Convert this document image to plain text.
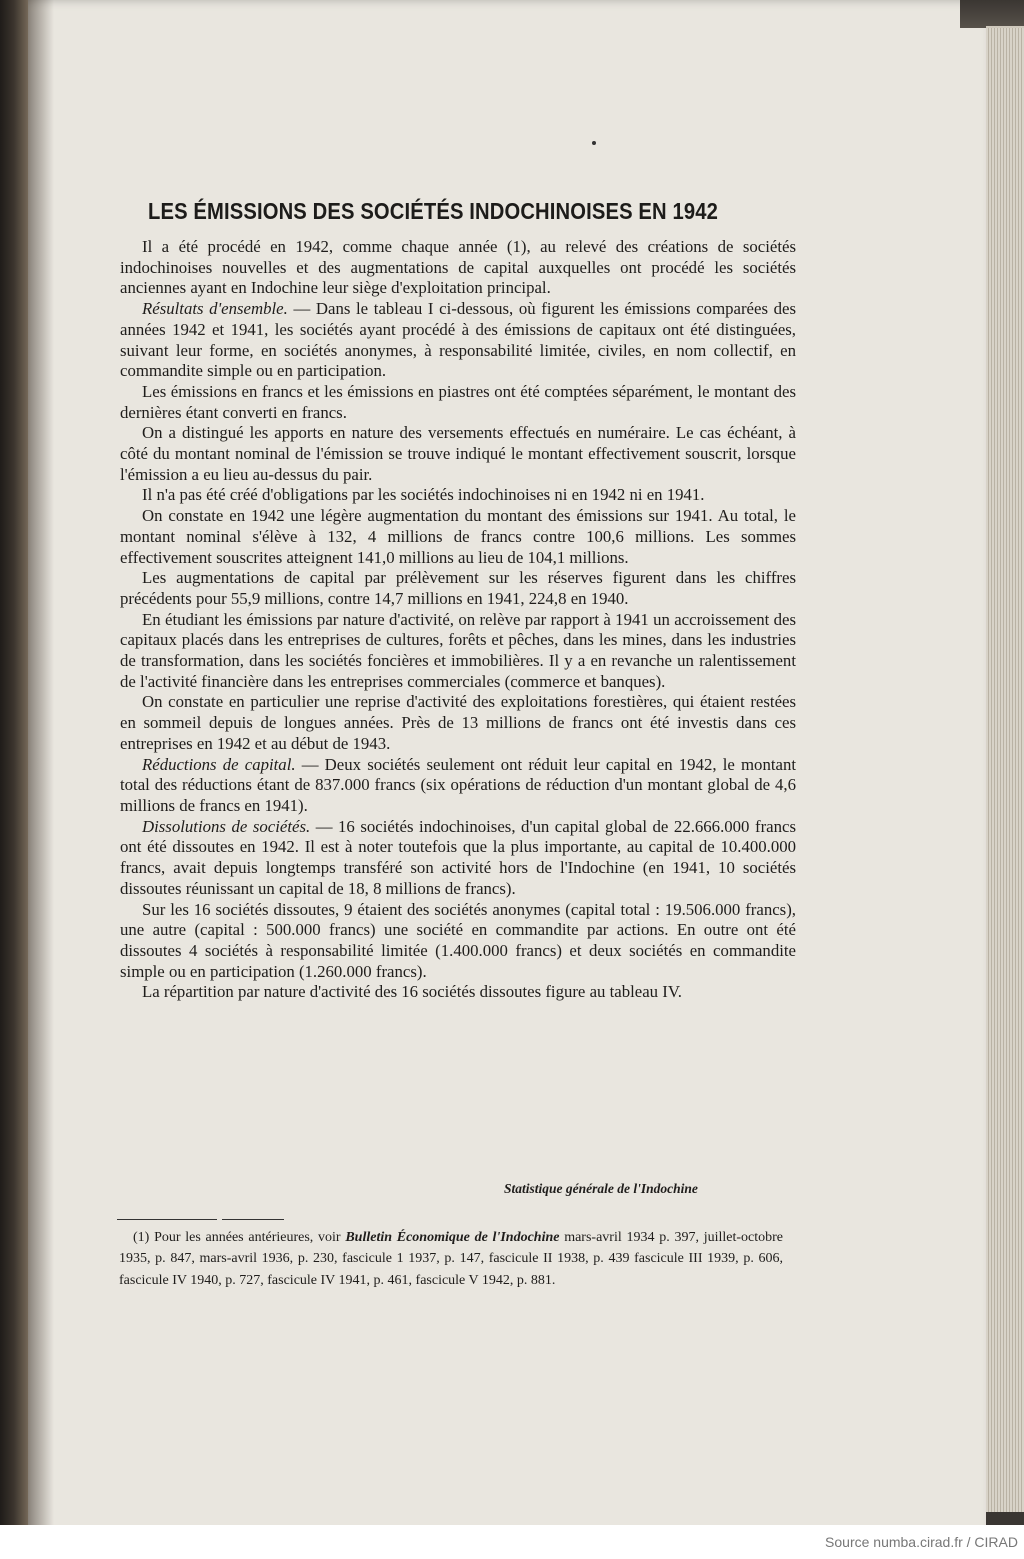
LES ÉMISSIONS DES SOCIÉTÉS INDOCHINOISES EN 1942

Il a été procédé en 1942, comme chaque année (1), au relevé des créations de sociétés indochinoises nouvelles et des augmentations de capital auxquelles ont procédé les sociétés anciennes ayant en Indochine leur siège d'exploitation principal.

Résultats d'ensemble. — Dans le tableau I ci-dessous, où figurent les émissions comparées des années 1942 et 1941, les sociétés ayant procédé à des émissions de capitaux ont été distinguées, suivant leur forme, en sociétés anonymes, à responsabilité limitée, civiles, en nom collectif, en commandite simple ou en participation.

Les émissions en francs et les émissions en piastres ont été comptées séparément, le montant des dernières étant converti en francs.

On a distingué les apports en nature des versements effectués en numéraire. Le cas échéant, à côté du montant nominal de l'émission se trouve indiqué le montant effectivement souscrit, lorsque l'émission a eu lieu au-dessus du pair.

Il n'a pas été créé d'obligations par les sociétés indochinoises ni en 1942 ni en 1941.

On constate en 1942 une légère augmentation du montant des émissions sur 1941. Au total, le montant nominal s'élève à 132, 4 millions de francs contre 100,6 millions. Les sommes effectivement souscrites atteignent 141,0 millions au lieu de 104,1 millions.

Les augmentations de capital par prélèvement sur les réserves figurent dans les chiffres précédents pour 55,9 millions, contre 14,7 millions en 1941, 224,8 en 1940.

En étudiant les émissions par nature d'activité, on relève par rapport à 1941 un accroissement des capitaux placés dans les entreprises de cultures, forêts et pêches, dans les mines, dans les industries de transformation, dans les sociétés foncières et immobilières. Il y a en revanche un ralentissement de l'activité financière dans les entreprises commerciales (commerce et banques).

On constate en particulier une reprise d'activité des exploitations forestières, qui étaient restées en sommeil depuis de longues années. Près de 13 millions de francs ont été investis dans ces entreprises en 1942 et au début de 1943.

Réductions de capital. — Deux sociétés seulement ont réduit leur capital en 1942, le montant total des réductions étant de 837.000 francs (six opérations de réduction d'un montant global de 4,6 millions de francs en 1941).

Dissolutions de sociétés. — 16 sociétés indochinoises, d'un capital global de 22.666.000 francs ont été dissoutes en 1942. Il est à noter toutefois que la plus importante, au capital de 10.400.000 francs, avait depuis longtemps transféré son activité hors de l'Indochine (en 1941, 10 sociétés dissoutes réunissant un capital de 18, 8 millions de francs).

Sur les 16 sociétés dissoutes, 9 étaient des sociétés anonymes (capital total : 19.506.000 francs), une autre (capital : 500.000 francs) une société en commandite par actions. En outre ont été dissoutes 4 sociétés à responsabilité limitée (1.400.000 francs) et deux sociétés en commandite simple ou en participation (1.260.000 francs).

La répartition par nature d'activité des 16 sociétés dissoutes figure au tableau IV.

Statistique générale de l'Indochine

(1) Pour les années antérieures, voir Bulletin Économique de l'Indochine mars-avril 1934 p. 397, juillet-octobre 1935, p. 847, mars-avril 1936, p. 230, fascicule 1 1937, p. 147, fascicule II 1938, p. 439 fascicule III 1939, p. 606, fascicule IV 1940, p. 727, fascicule IV 1941, p. 461, fascicule V 1942, p. 881.

Source numba.cirad.fr / CIRAD
